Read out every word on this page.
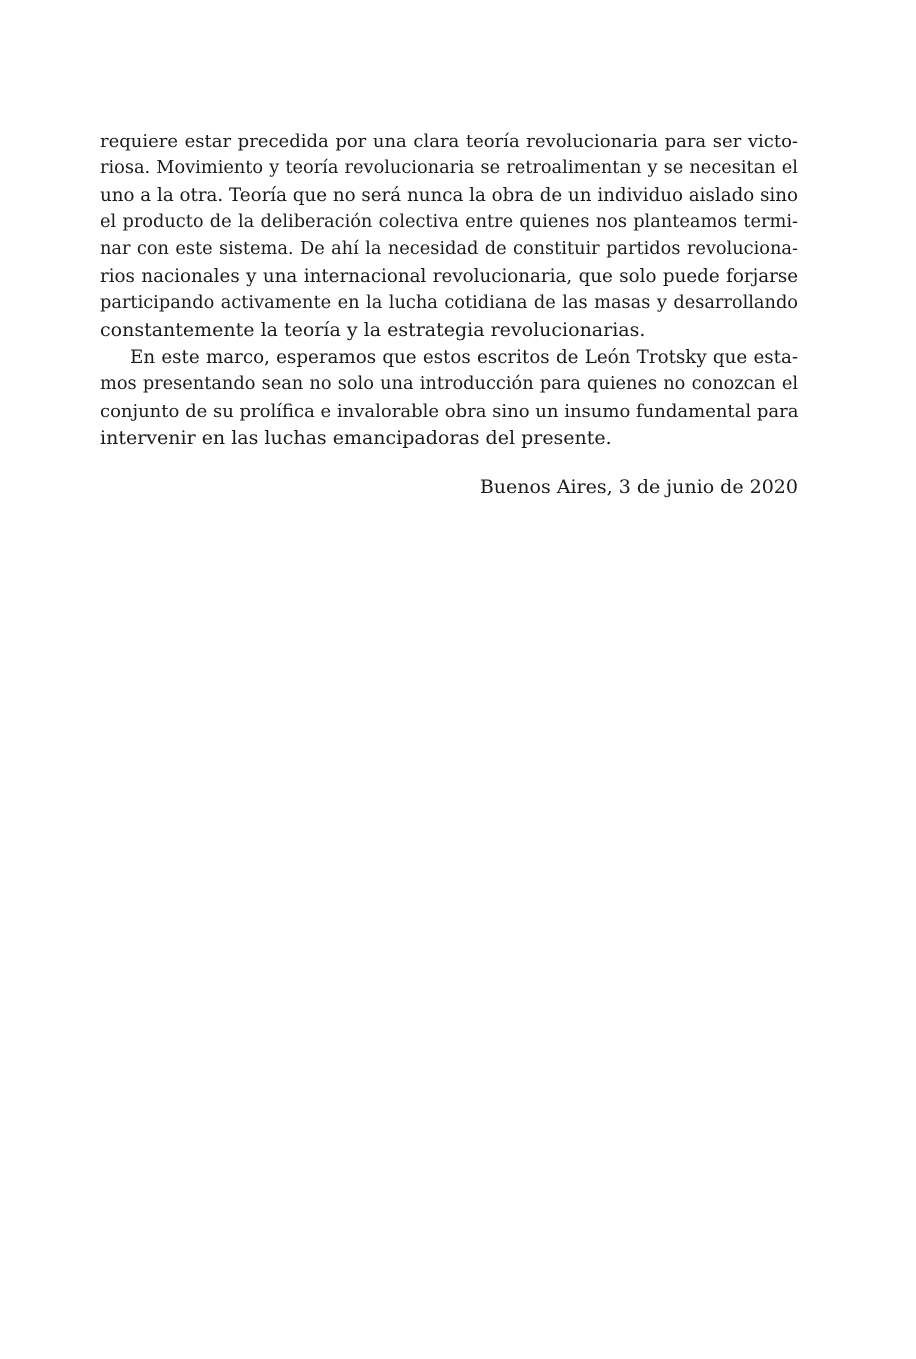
requiere estar precedida por una clara teoría revolucionaria para ser victo-
riosa. Movimiento y teoría revolucionaria se retroalimentan y se necesitan el
uno a la otra. Teoría que no será nunca la obra de un individuo aislado sino
el producto de la deliberación colectiva entre quienes nos planteamos termi-
nar con este sistema. De ahí la necesidad de constituir partidos revoluciona-
rios nacionales y una internacional revolucionaria, que solo puede forjarse
participando activamente en la lucha cotidiana de las masas y desarrollando
constantemente la teoría y la estrategia revolucionarias.
En este marco, esperamos que estos escritos de León Trotsky que esta-
mos presentando sean no solo una introducción para quienes no conozcan el
conjunto de su prolífica e invalorable obra sino un insumo fundamental para
intervenir en las luchas emancipadoras del presente.
Buenos Aires, 3 de junio de 2020
